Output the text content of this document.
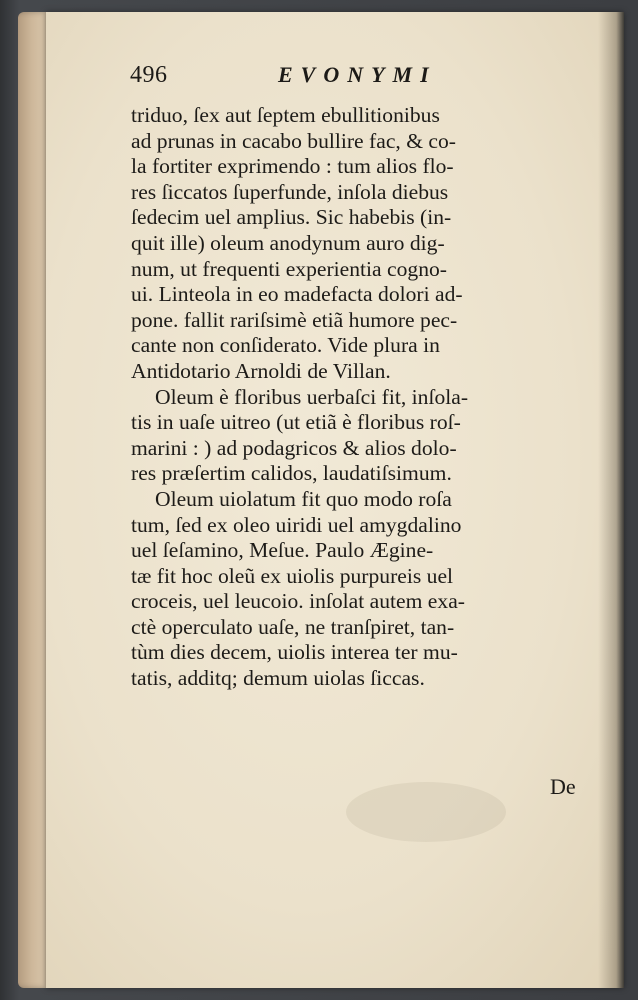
496	EVONYMI
triduo, ſex aut ſeptem ebullitionibus
ad prunas in cacabo bullire fac, & co-
la fortiter exprimendo : tum alios flo-
res ſiccatos ſuperfunde, inſola diebus
ſedecim uel amplius. Sic habebis (in-
quit ille) oleum anodynum auro dig-
num, ut frequenti experientia cogno-
ui. Linteola in eo madefacta dolori ad-
pone. fallit rariſsimè etiã humore pec-
cante non conſiderato. Vide plura in
Antidotario Arnoldi de Villan.
Oleum è floribus uerbaſci fit, inſola-
tis in uaſe uitreo (ut etiã è floribus roſ-
marini : ) ad podagricos & alios dolo-
res præſertim calidos, laudatiſsimum.
Oleum uiolatum fit quo modo roſa
tum, ſed ex oleo uiridi uel amygdalino
uel ſeſamino, Meſue. Paulo Ægine-
tæ fit hoc oleũ ex uiolis purpureis uel
croceis, uel leucoio. inſolat autem exa-
ctè operculato uaſe, ne tranſpiret, tan-
tùm dies decem, uiolis interea ter mu-
tatis, additq; demum uiolas ſiccas.
De
